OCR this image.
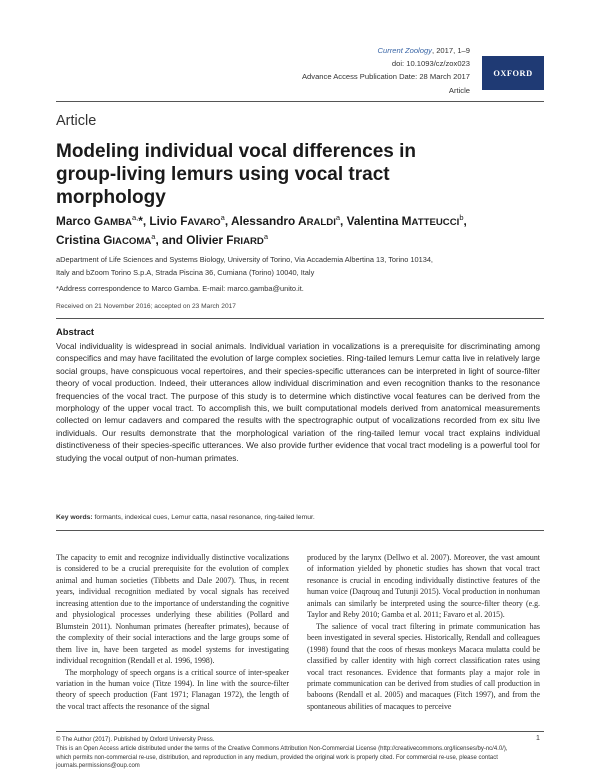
Current Zoology, 2017, 1–9
doi: 10.1093/cz/zox023
Advance Access Publication Date: 28 March 2017
Article
OXFORD
Article
Modeling individual vocal differences in group-living lemurs using vocal tract morphology
Marco $GAMBA^{a,}*$, Livio FAVARO$^a$, Alessandro ARALDI$^a$, Valentina MATTEUCCI$^b$,
Cristina GIACOMA$^a$, and Olivier FRIARD$^a$
aDepartment of Life Sciences and Systems Biology, University of Torino, Via Accademia Albertina 13, Torino 10134,
Italy and bZoom Torino S.p.A, Strada Piscina 36, Cumiana (Torino) 10040, Italy
*Address correspondence to Marco Gamba. E-mail: marco.gamba@unito.it.
Received on 21 November 2016; accepted on 23 March 2017
Abstract
Vocal individuality is widespread in social animals. Individual variation in vocalizations is a prerequisite for discriminating among conspecifics and may have facilitated the evolution of large complex societies. Ring-tailed lemurs Lemur catta live in relatively large social groups, have conspicuous vocal repertoires, and their species-specific utterances can be interpreted in light of source-filter theory of vocal production. Indeed, their utterances allow individual discrimination and even recognition thanks to the resonance frequencies of the vocal tract. The purpose of this study is to determine which distinctive vocal features can be derived from the morphology of the upper vocal tract. To accomplish this, we built computational models derived from anatomical measurements collected on lemur cadavers and compared the results with the spectrographic output of vocalizations recorded from ex situ live individuals. Our results demonstrate that the morphological variation of the ring-tailed lemur vocal tract explains individual distinctiveness of their species-specific utterances. We also provide further evidence that vocal tract modeling is a powerful tool for studying the vocal output of non-human primates.
Key words: formants, indexical cues, Lemur catta, nasal resonance, ring-tailed lemur.

The capacity to emit and recognize individually distinctive vocalizations is considered to be a crucial prerequisite for the evolution of complex animal and human societies (Tibbetts and Dale 2007). Thus, in recent years, individual recognition mediated by vocal signals has received increasing attention due to the importance of understanding the cognitive and physiological processes underlying these abilities (Pollard and Blumstein 2011). Nonhuman primates (hereafter primates), because of the complexity of their social interactions and the large groups some of them live in, have been targeted as model systems for investigating individual recognition (Rendall et al. 1996, 1998).

The morphology of speech organs is a critical source of inter-speaker variation in the human voice (Titze 1994). In line with the source-filter theory of speech production (Fant 1971; Flanagan 1972), the length of the vocal tract affects the resonance of the signal

produced by the larynx (Dellwo et al. 2007). Moreover, the vast amount of information yielded by phonetic studies has shown that vocal tract resonance is crucial in encoding individually distinctive features of the human voice (Daqrouq and Tutunji 2015). Vocal production in nonhuman animals can similarly be interpreted using the source-filter theory (e.g. Taylor and Reby 2010; Gamba et al. 2011; Favaro et al. 2015).

The salience of vocal tract filtering in primate communication has been investigated in several species. Historically, Rendall and colleagues (1998) found that the coos of rhesus monkeys Macaca mulatta could be classified by caller identity with high correct classification rates using vocal tract resonances. Evidence that formants play a major role in primate communication can be derived from studies of call production in baboons (Rendall et al. 2005) and macaques (Fitch 1997), and from the spontaneous abilities of macaques to perceive

© The Author (2017). Published by Oxford University Press.
This is an Open Access article distributed under the terms of the Creative Commons Attribution Non-Commercial License (http://creativecommons.org/licenses/by-nc/4.0/),
which permits non-commercial re-use, distribution, and reproduction in any medium, provided the original work is properly cited. For commercial re-use, please contact
journals.permissions@oup.com
1
